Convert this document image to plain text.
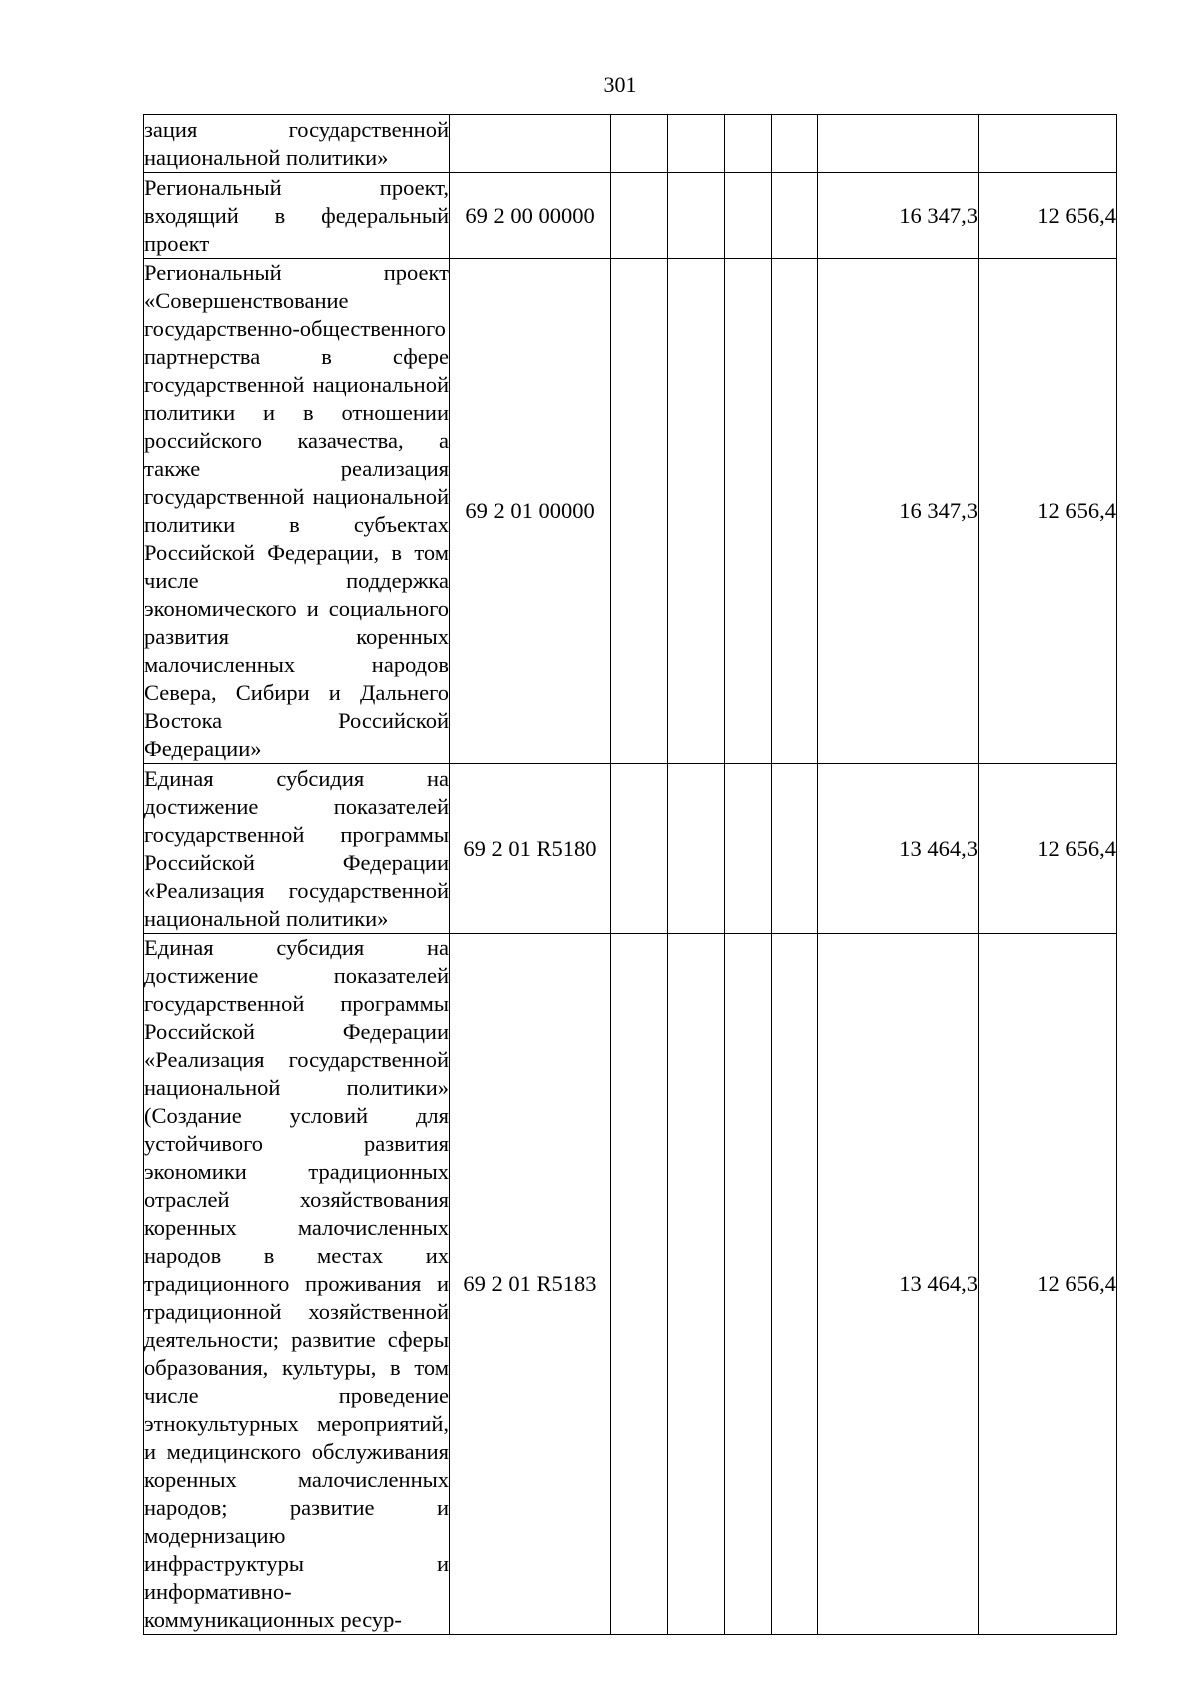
301
зация государственной национальной политики»							
Региональный проект, входящий в федеральный проект	69 2 00 00000					16 347,3	12 656,4
Региональный проект «Совершенствование государственно-общественного партнерства в сфере государственной национальной политики и в отношении российского казачества, а также реализация государственной национальной политики в субъектах Российской Федерации, в том числе поддержка экономического и социального развития коренных малочисленных народов Севера, Сибири и Дальнего Востока Российской Федерации»	69 2 01 00000					16 347,3	12 656,4
Единая субсидия на достижение показателей государственной программы Российской Федерации «Реализация государственной национальной политики»	69 2 01 R5180					13 464,3	12 656,4
Единая субсидия на достижение показателей государственной программы Российской Федерации «Реализация государственной национальной политики» (Создание условий для устойчивого развития экономики традиционных отраслей хозяйствования коренных малочисленных народов в местах их традиционного проживания и традиционной хозяйственной деятельности; развитие сферы образования, культуры, в том числе проведение этнокультурных мероприятий, и медицинского обслуживания коренных малочисленных народов; развитие и модернизацию инфраструктуры и информативно-коммуникационных ресур-	69 2 01 R5183					13 464,3	12 656,4
